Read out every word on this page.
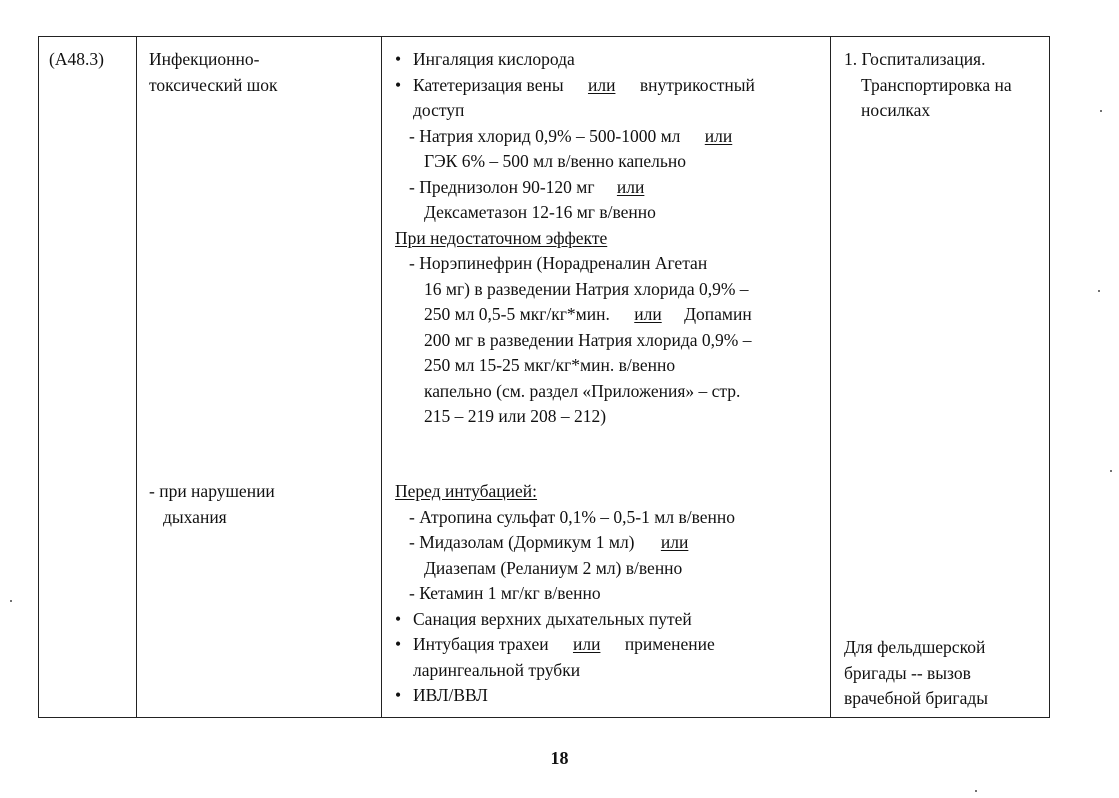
(A48.3)	Инфекционно-
токсический шок
- при нарушении
дыхания
• Ингаляция кислорода
• Катетеризация вены или внутрикостный
доступ
- Натрия хлорид 0,9% – 500-1000 мл или
ГЭК 6% – 500 мл в/венно капельно
- Преднизолон 90-120 мг или
Дексаметазон 12-16 мг в/венно
При недостаточном эффекте
- Норэпинефрин (Норадреналин Агетан
16 мг) в разведении Натрия хлорида 0,9% –
250 мл 0,5-5 мкг/кг*мин. или Допамин
200 мг в разведении Натрия хлорида 0,9% –
250 мл 15-25 мкг/кг*мин. в/венно
капельно (см. раздел «Приложения» – стр.
215 – 219 или 208 – 212)
Перед интубацией:
- Атропина сульфат 0,1% – 0,5-1 мл в/венно
- Мидазолам (Дормикум 1 мл) или
Диазепам (Реланиум 2 мл) в/венно
- Кетамин 1 мг/кг в/венно
• Санация верхних дыхательных путей
• Интубация трахеи или применение
ларингеальной трубки
• ИВЛ/ВВЛ
1. Госпитализация.
Транспортировка на
носилках
Для фельдшерской
бригады -- вызов
врачебной бригады
18
